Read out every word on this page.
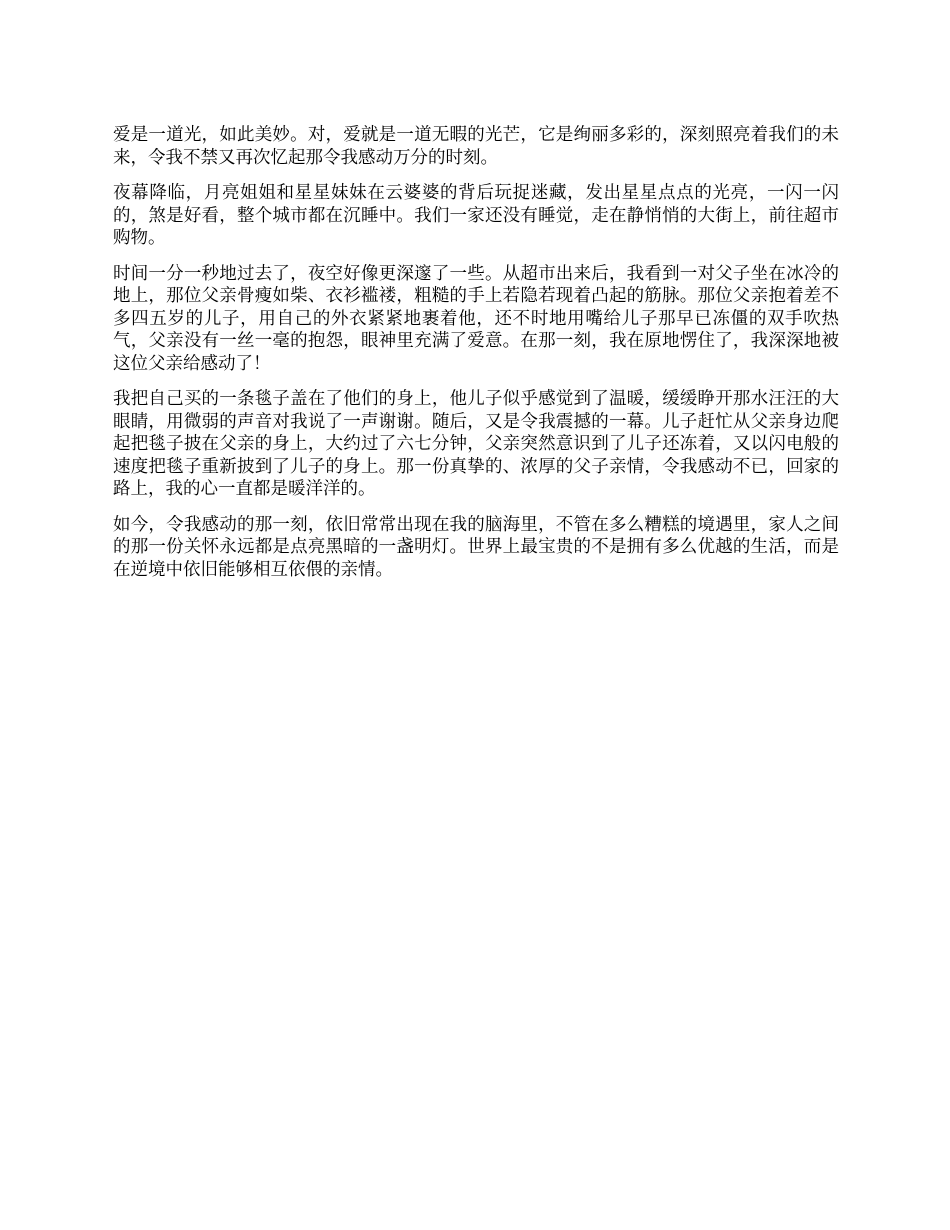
爱是一道光，如此美妙。对，爱就是一道无暇的光芒，它是绚丽多彩的，深刻照亮着我们的未来，令我不禁又再次忆起那令我感动万分的时刻。

夜幕降临，月亮姐姐和星星妹妹在云婆婆的背后玩捉迷藏，发出星星点点的光亮，一闪一闪的，煞是好看，整个城市都在沉睡中。我们一家还没有睡觉，走在静悄悄的大街上，前往超市购物。

时间一分一秒地过去了，夜空好像更深邃了一些。从超市出来后，我看到一对父子坐在冰冷的地上，那位父亲骨瘦如柴、衣衫褴褛，粗糙的手上若隐若现着凸起的筋脉。那位父亲抱着差不多四五岁的儿子，用自己的外衣紧紧地裹着他，还不时地用嘴给儿子那早已冻僵的双手吹热气，父亲没有一丝一毫的抱怨，眼神里充满了爱意。在那一刻，我在原地愣住了，我深深地被这位父亲给感动了！

我把自己买的一条毯子盖在了他们的身上，他儿子似乎感觉到了温暖，缓缓睁开那水汪汪的大眼睛，用微弱的声音对我说了一声谢谢。随后，又是令我震撼的一幕。儿子赶忙从父亲身边爬起把毯子披在父亲的身上，大约过了六七分钟，父亲突然意识到了儿子还冻着，又以闪电般的速度把毯子重新披到了儿子的身上。那一份真挚的、浓厚的父子亲情，令我感动不已，回家的路上，我的心一直都是暖洋洋的。

如今，令我感动的那一刻，依旧常常出现在我的脑海里，不管在多么糟糕的境遇里，家人之间的那一份关怀永远都是点亮黑暗的一盏明灯。世界上最宝贵的不是拥有多么优越的生活，而是在逆境中依旧能够相互依偎的亲情。
